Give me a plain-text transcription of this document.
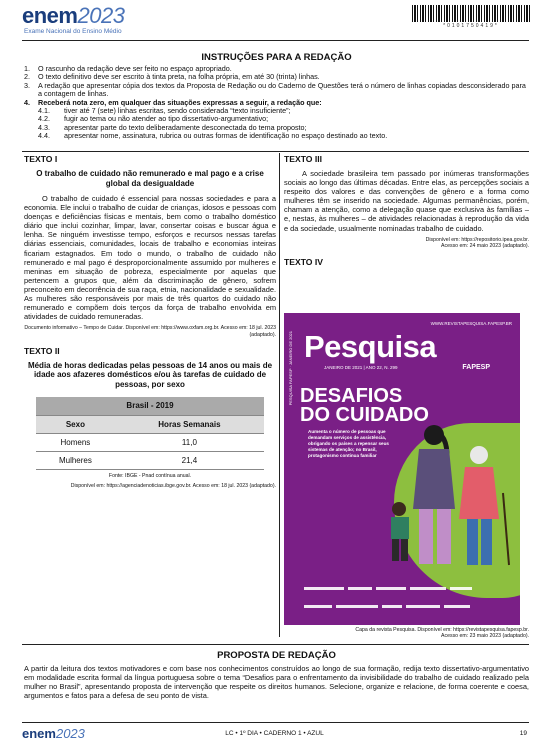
enem2023
Exame Nacional do Ensino Médio
*0101750419*
INSTRUÇÕES PARA A REDAÇÃO
1.	O rascunho da redação deve ser feito no espaço apropriado.
2.	O texto definitivo deve ser escrito à tinta preta, na folha própria, em até 30 (trinta) linhas.
3.	A redação que apresentar cópia dos textos da Proposta de Redação ou do Caderno de Questões terá o número de linhas copiadas desconsiderado para a contagem de linhas.
4.	Receberá nota zero, em qualquer das situações expressas a seguir, a redação que:
4.1.	tiver até 7 (sete) linhas escritas, sendo considerada “texto insuficiente”;
4.2.	fugir ao tema ou não atender ao tipo dissertativo-argumentativo;
4.3.	apresentar parte do texto deliberadamente desconectada do tema proposto;
4.4.	apresentar nome, assinatura, rubrica ou outras formas de identificação no espaço destinado ao texto.
TEXTO I
O trabalho de cuidado não remunerado e mal pago e a crise global da desigualdade

O trabalho de cuidado é essencial para nossas sociedades e para a economia. Ele inclui o trabalho de cuidar de crianças, idosos e pessoas com doenças e deficiências físicas e mentais, bem como o trabalho doméstico diário que inclui cozinhar, limpar, lavar, consertar coisas e buscar água e lenha. Se ninguém investisse tempo, esforços e recursos nessas tarefas diárias essenciais, comunidades, locais de trabalho e economias inteiras ficariam estagnados. Em todo o mundo, o trabalho de cuidado não remunerado e mal pago é desproporcionalmente assumido por mulheres e meninas em situação de pobreza, especialmente por aquelas que pertencem a grupos que, além da discriminação de gênero, sofrem preconceito em decorrência de sua raça, etnia, nacionalidade e sexualidade. As mulheres são responsáveis por mais de três quartos do cuidado não remunerado e compõem dois terços da força de trabalho envolvida em atividades de cuidado remuneradas.

Documento informativo – Tempo de Cuidar. Disponível em: https://www.oxfam.org.br. Acesso em: 18 jul. 2023 (adaptado).

TEXTO II
Média de horas dedicadas pelas pessoas de 14 anos ou mais de idade aos afazeres domésticos e/ou às tarefas de cuidado de pessoas, por sexo
Brasil - 2019	
Sexo	Horas Semanais
Homens	11,0
Mulheres	21,4

Fonte: IBGE - Pnad contínua anual.

Disponível em: https://agenciadenoticias.ibge.gov.br. Acesso em: 18 jul. 2023 (adaptado).

TEXTO III

A sociedade brasileira tem passado por inúmeras transformações sociais ao longo das últimas décadas. Entre elas, as percepções sociais a respeito dos valores e das convenções de gênero e a forma como mulheres têm se inserido na sociedade. Algumas permanências, porém, chamam a atenção, como a delegação quase que exclusiva às famílias – e, nestas, às mulheres – de atividades relacionadas à reprodução da vida e da sociedade, usualmente nominadas trabalho de cuidado.

Disponível em: https://repositorio.ipea.gov.br.

Acesso em: 24 maio 2023 (adaptado).

TEXTO IV
WWW.REVISTAPESQUISA.FAPESP.BR
Pesquisa
JANEIRO DE 2021 | ANO 22, N. 299	FAPESP
PESQUISA FAPESP · JANEIRO DE 2021 DESAFIOS
DO CUIDADO
Aumenta o número de pessoas que demandam serviços de assistência, obrigando os países a repensar seus sistemas de atenção; no Brasil, protagonismo continua familiar

Capa da revista Pesquisa. Disponível em: https://revistapesquisa.fapesp.br.

Acesso em: 23 maio 2023 (adaptado).

PROPOSTA DE REDAÇÃO

A partir da leitura dos textos motivadores e com base nos conhecimentos construídos ao longo de sua formação, redija texto dissertativo-argumentativo em modalidade escrita formal da língua portuguesa sobre o tema “Desafios para o enfrentamento da invisibilidade do trabalho de cuidado realizado pela mulher no Brasil”, apresentando proposta de intervenção que respeite os direitos humanos. Selecione, organize e relacione, de forma coerente e coesa, argumentos e fatos para a defesa de seu ponto de vista.

enem2023	LC • 1º DIA • CADERNO 1 • AZUL	19
